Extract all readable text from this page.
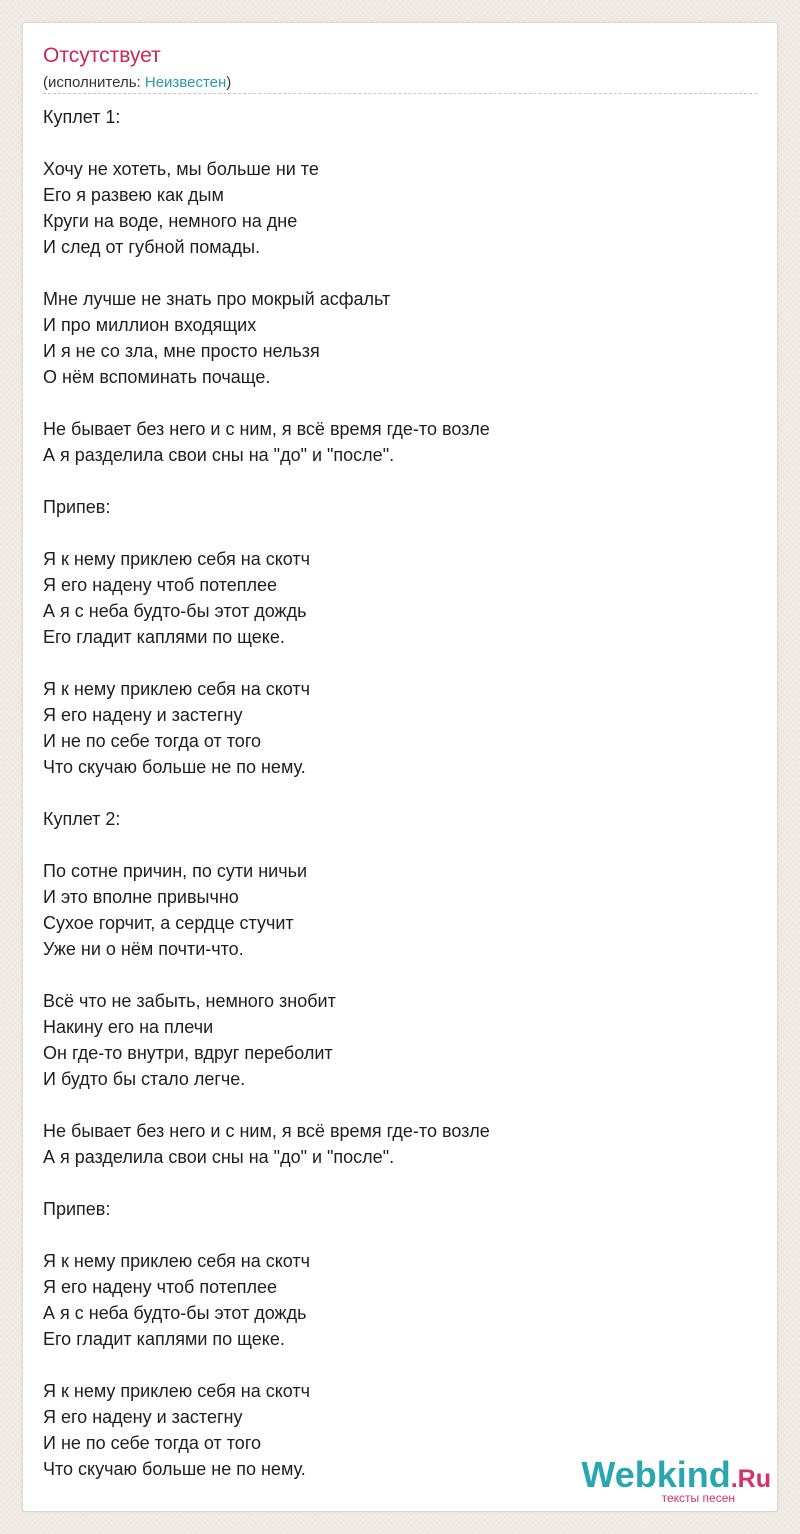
Отсутствует
(исполнитель: Неизвестен)
Куплет 1:
Хочу не хотеть, мы больше ни те
Его я развею как дым
Круги на воде, немного на дне
И след от губной помады.
Мне лучше не знать про мокрый асфальт
И про миллион входящих
И я не со зла, мне просто нельзя
О нём вспоминать почаще.
Не бывает без него и с ним, я всё время где-то возле
А я разделила свои сны на "до" и "после".
Припев:
Я к нему приклею себя на скотч
Я его надену чтоб потеплее
А я с неба будто-бы этот дождь
Его гладит каплями по щеке.
Я к нему приклею себя на скотч
Я его надену и застегну
И не по себе тогда от того
Что скучаю больше не по нему.
Куплет 2:
По сотне причин, по сути ничьи
И это вполне привычно
Сухое горчит, а сердце стучит
Уже ни о нём почти-что.
Всё что не забыть, немного знобит
Накину его на плечи
Он где-то внутри, вдруг переболит
И будто бы стало легче.
Не бывает без него и с ним, я всё время где-то возле
А я разделила свои сны на "до" и "после".
Припев:
Я к нему приклею себя на скотч
Я его надену чтоб потеплее
А я с неба будто-бы этот дождь
Его гладит каплями по щеке.
Я к нему приклею себя на скотч
Я его надену и застегну
И не по себе тогда от того
Что скучаю больше не по нему.	Webkind.Ru
тексты песен
